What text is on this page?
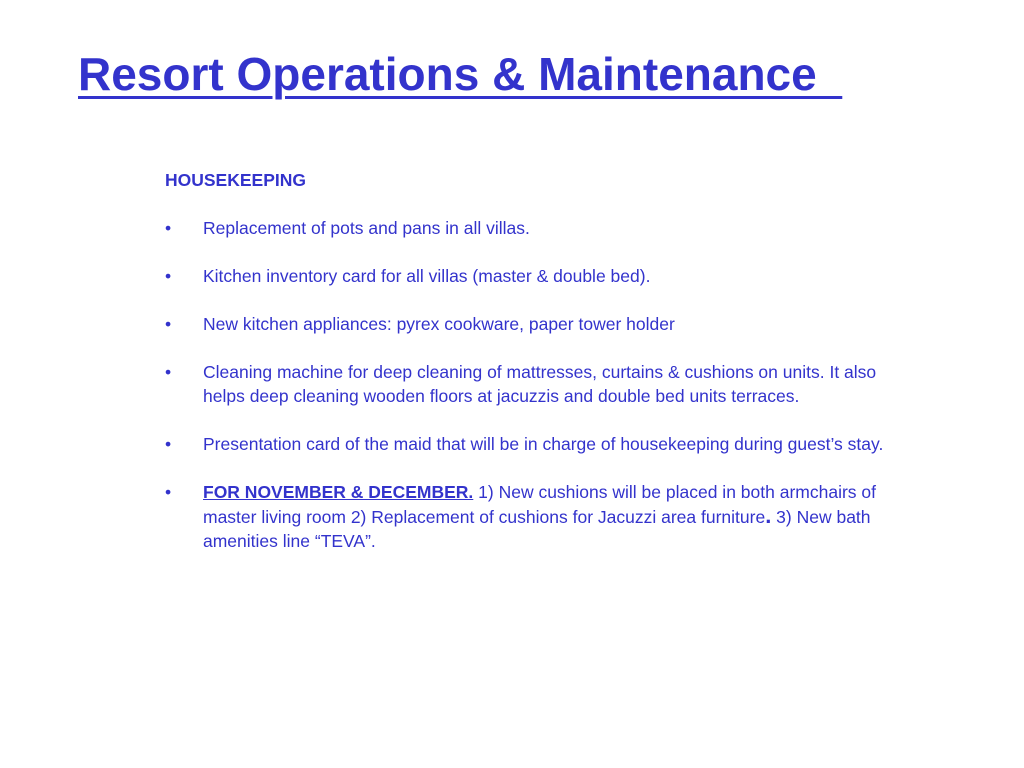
Resort Operations & Maintenance
HOUSEKEEPING
• Replacement of pots and pans in all villas.
• Kitchen inventory card for all villas (master & double bed).
• New kitchen appliances: pyrex cookware, paper tower holder
• Cleaning machine for deep cleaning of mattresses, curtains & cushions on units. It also helps deep cleaning wooden floors at jacuzzis and double bed units terraces.
• Presentation card of the maid that will be in charge of housekeeping during guest’s stay.
• FOR NOVEMBER & DECEMBER. 1) New cushions will be placed in both armchairs of master living room 2) Replacement of cushions for Jacuzzi area furniture. 3) New bath amenities line “TEVA”.
